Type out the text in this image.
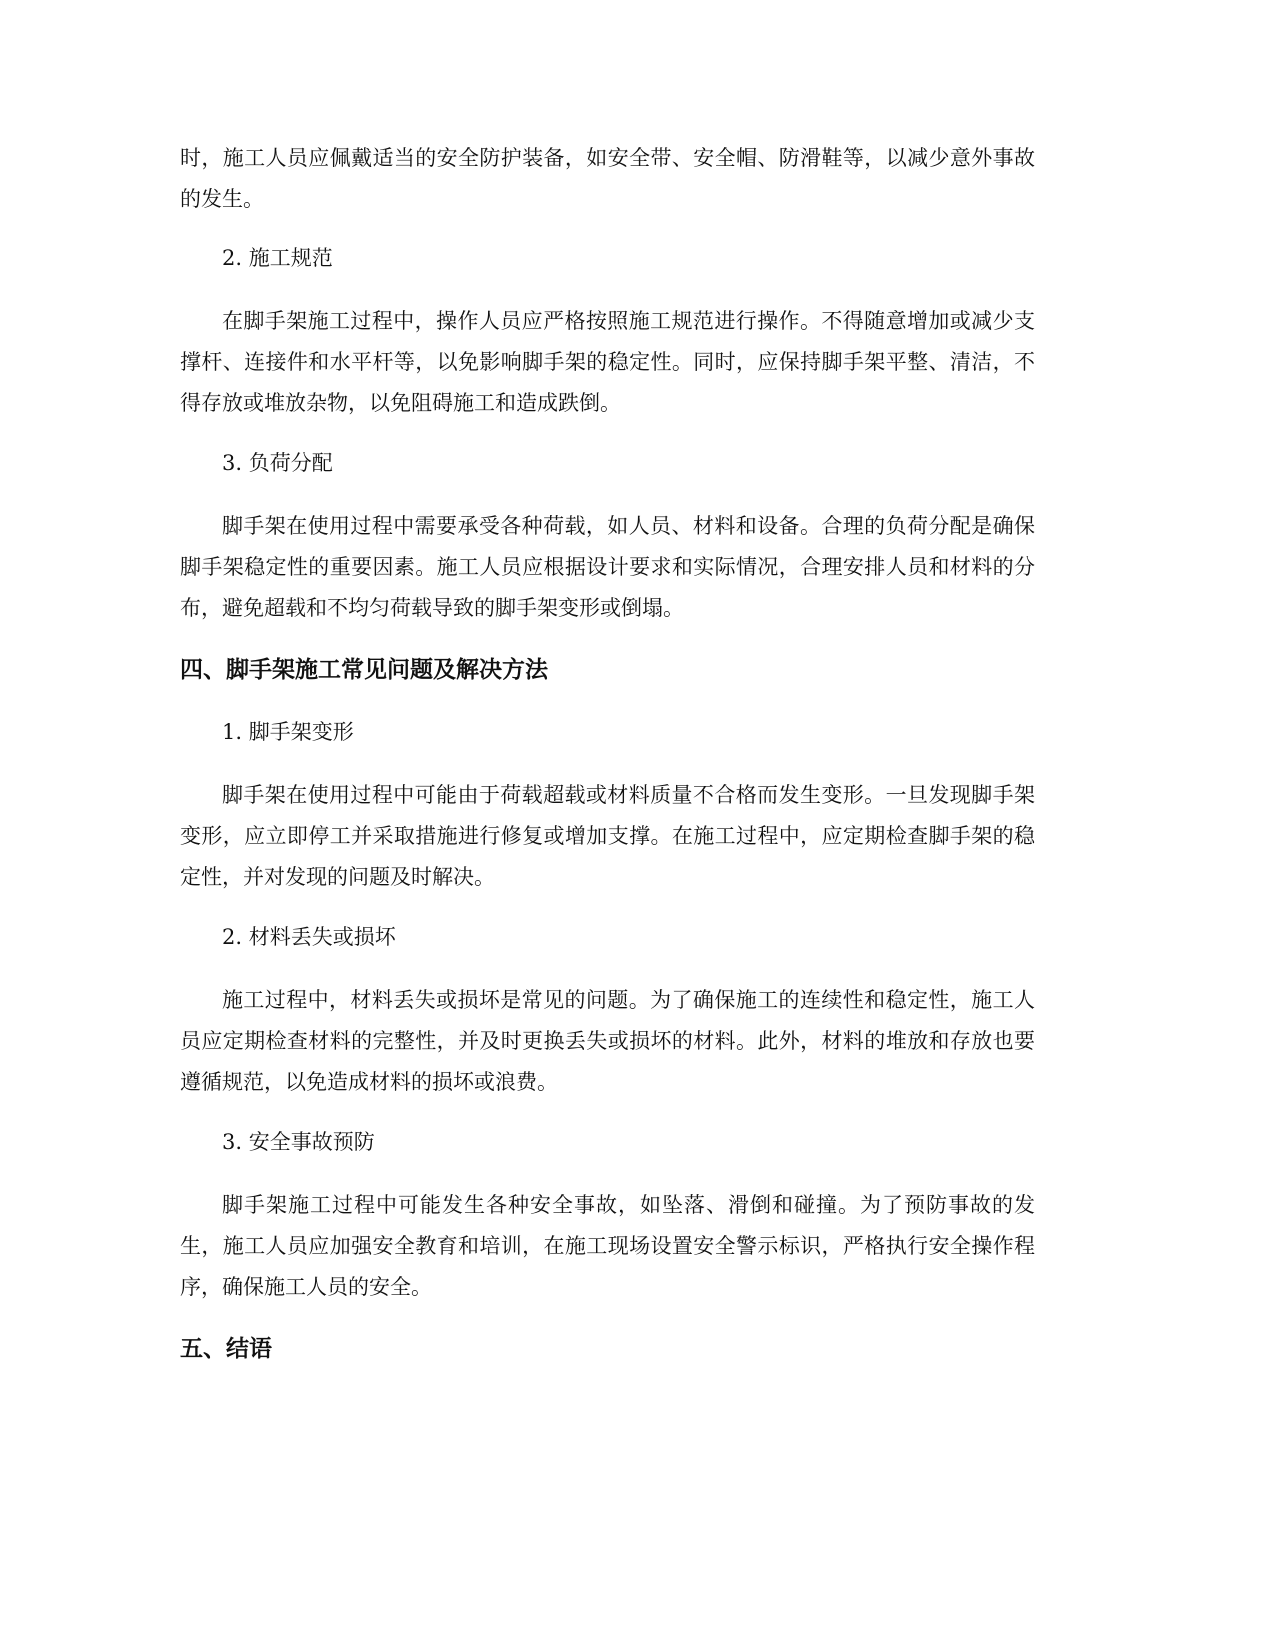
时，施工人员应佩戴适当的安全防护装备，如安全带、安全帽、防滑鞋等，以减少意外事故的发生。

2. 施工规范

在脚手架施工过程中，操作人员应严格按照施工规范进行操作。不得随意增加或减少支撑杆、连接件和水平杆等，以免影响脚手架的稳定性。同时，应保持脚手架平整、清洁，不得存放或堆放杂物，以免阻碍施工和造成跌倒。

3. 负荷分配

脚手架在使用过程中需要承受各种荷载，如人员、材料和设备。合理的负荷分配是确保脚手架稳定性的重要因素。施工人员应根据设计要求和实际情况，合理安排人员和材料的分布，避免超载和不均匀荷载导致的脚手架变形或倒塌。

四、脚手架施工常见问题及解决方法

1. 脚手架变形

脚手架在使用过程中可能由于荷载超载或材料质量不合格而发生变形。一旦发现脚手架变形，应立即停工并采取措施进行修复或增加支撑。在施工过程中，应定期检查脚手架的稳定性，并对发现的问题及时解决。

2. 材料丢失或损坏

施工过程中，材料丢失或损坏是常见的问题。为了确保施工的连续性和稳定性，施工人员应定期检查材料的完整性，并及时更换丢失或损坏的材料。此外，材料的堆放和存放也要遵循规范，以免造成材料的损坏或浪费。

3. 安全事故预防

脚手架施工过程中可能发生各种安全事故，如坠落、滑倒和碰撞。为了预防事故的发生，施工人员应加强安全教育和培训，在施工现场设置安全警示标识，严格执行安全操作程序，确保施工人员的安全。

五、结语
